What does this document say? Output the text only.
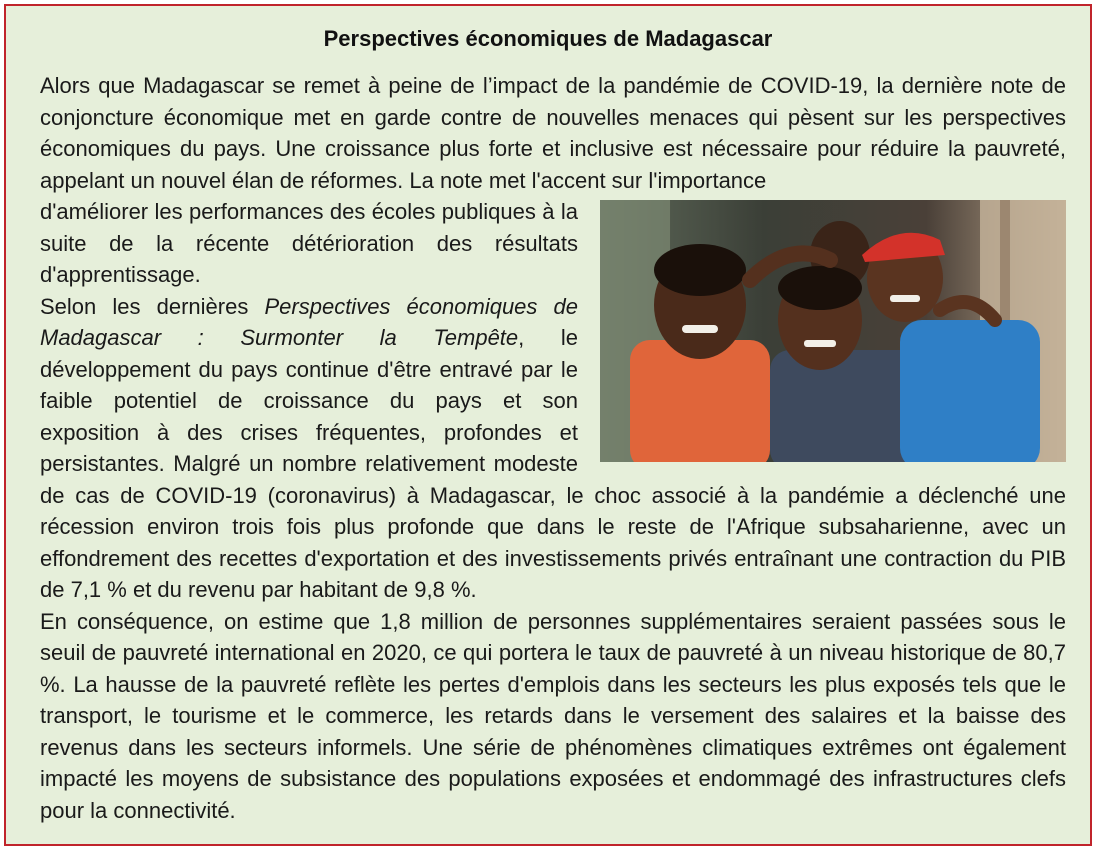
Perspectives économiques de Madagascar

Alors que Madagascar se remet à peine de l’impact de la pandémie de COVID-19, la dernière note de conjoncture économique met en garde contre de nouvelles menaces qui pèsent sur les perspectives économiques du pays. Une croissance plus forte et inclusive est nécessaire pour réduire la pauvreté, appelant un nouvel élan de réformes. La note met l'accent sur l'importance

d'améliorer les performances des écoles publiques à la suite de la récente détérioration des résultats d'apprentissage.

Selon les dernières Perspectives économiques de Madagascar : Surmonter la Tempête, le développement du pays continue d'être entravé par le faible potentiel de croissance du pays et son exposition à des crises fréquentes, profondes et persistantes. Malgré un nombre relativement modeste de cas de COVID-19 (coronavirus) à Madagascar, le choc associé à la pandémie a déclenché une récession environ trois fois plus profonde que dans le reste de l'Afrique subsaharienne, avec un effondrement des recettes d'exportation et des investissements privés entraînant une contraction du PIB de 7,1 % et du revenu par habitant de 9,8 %.

En conséquence, on estime que 1,8 million de personnes supplémentaires seraient passées sous le seuil de pauvreté international en 2020, ce qui portera le taux de pauvreté à un niveau historique de 80,7 %. La hausse de la pauvreté reflète les pertes d'emplois dans les secteurs les plus exposés tels que le transport, le tourisme et le commerce, les retards dans le versement des salaires et la baisse des revenus dans les secteurs informels. Une série de phénomènes climatiques extrêmes ont également impacté les moyens de subsistance des populations exposées et endommagé des infrastructures clefs pour la connectivité.
